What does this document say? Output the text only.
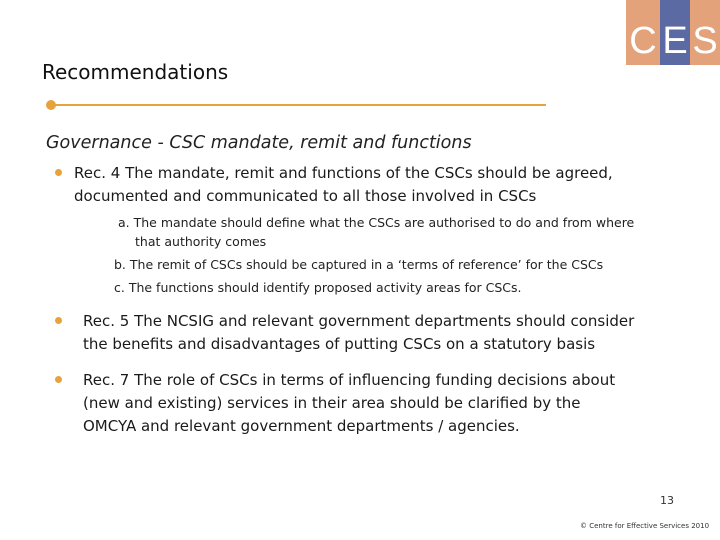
C E S
Recommendations
Governance - CSC mandate, remit and functions
Rec. 4 The mandate, remit and functions of the CSCs should be agreed,
documented and communicated to all those involved in CSCs
a. The mandate should define what the CSCs are authorised to do and from where
that authority comes
b. The remit of CSCs should be captured in a ‘terms of reference’ for the CSCs
c. The functions should identify proposed activity areas for CSCs.
Rec. 5 The NCSIG and relevant government departments should consider
the benefits and disadvantages of putting CSCs on a statutory basis
Rec. 7 The role of CSCs in terms of influencing funding decisions about
(new and existing) services in their area should be clarified by the
OMCYA and relevant government departments / agencies.
13
© Centre for Effective Services 2010
